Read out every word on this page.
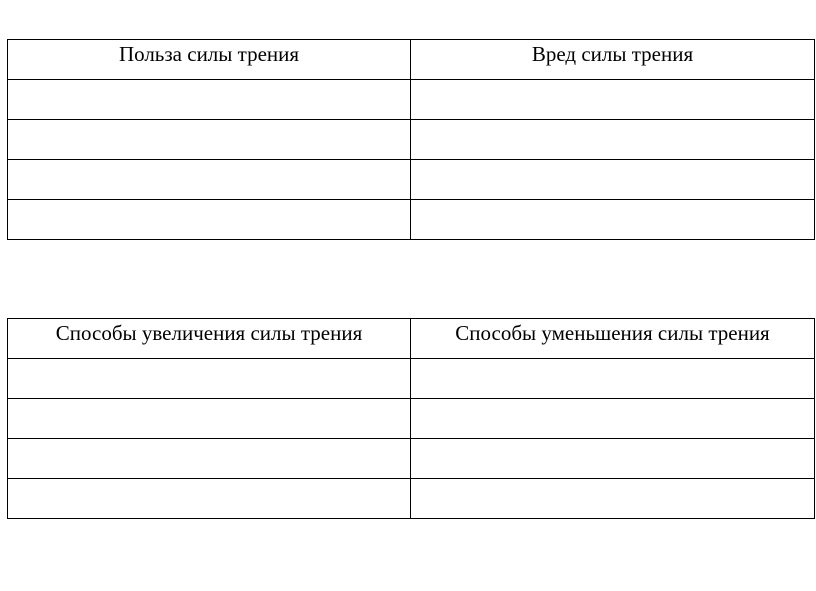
Польза силы трения	Вред силы трения

Способы увеличения силы трения	Способы уменьшения силы трения
